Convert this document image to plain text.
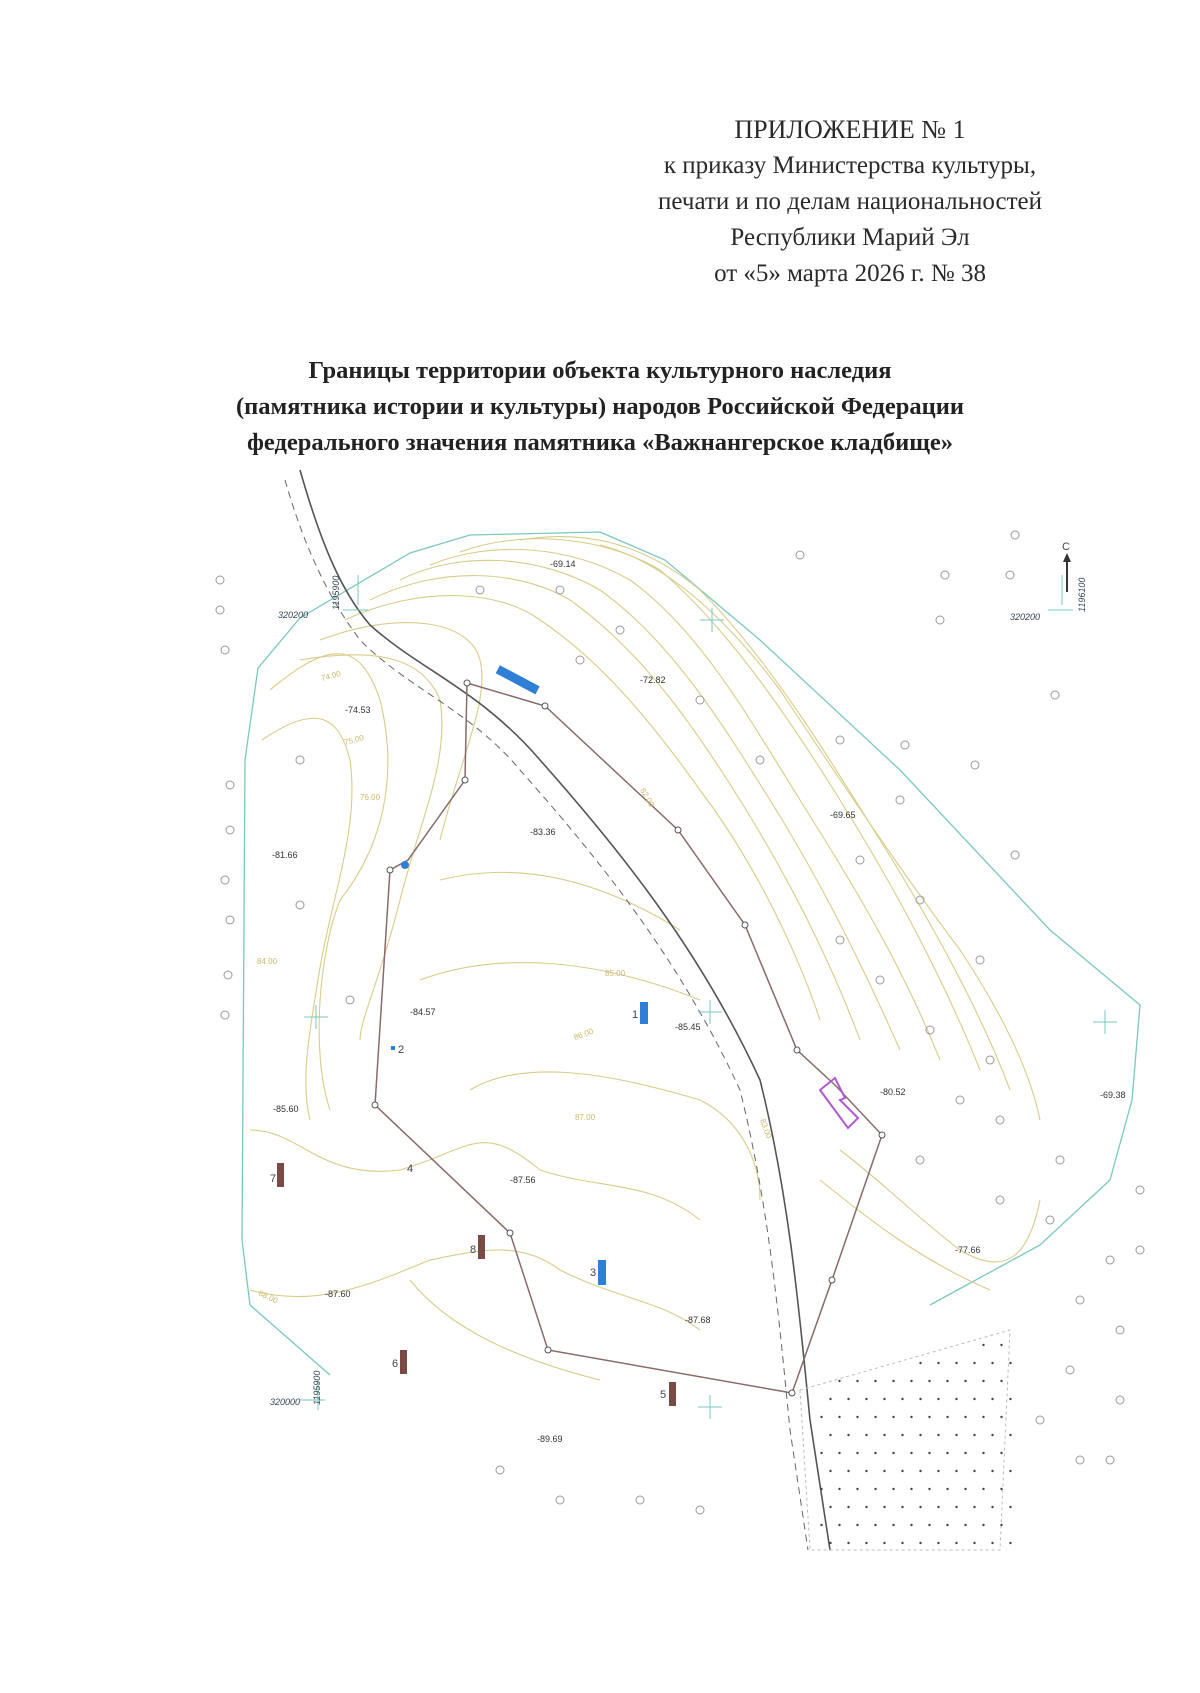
ПРИЛОЖЕНИЕ № 1
к приказу Министерства культуры,
печати и по делам национальностей
Республики Марий Эл
от «5» марта 2026 г. № 38
Границы территории объекта культурного наследия
(памятника истории и культуры) народов Российской Федерации
федерального значения памятника «Важнангерское кладбище»
С
320200
1195900
320200
1196100
320000 1195900
-69.14
-74.53
-72.82
-83.36
-81.66
-69.65
-84.57
-85.45
-80.52	-69.38
-85.60
-87.56
-87.60
-87.68
-77.66
-89.69
74.00
75.00
76.00
84.00
85.00
86.00
87.00
88.00
83.00
82.00
1
2
3
4
5
6
7
8
